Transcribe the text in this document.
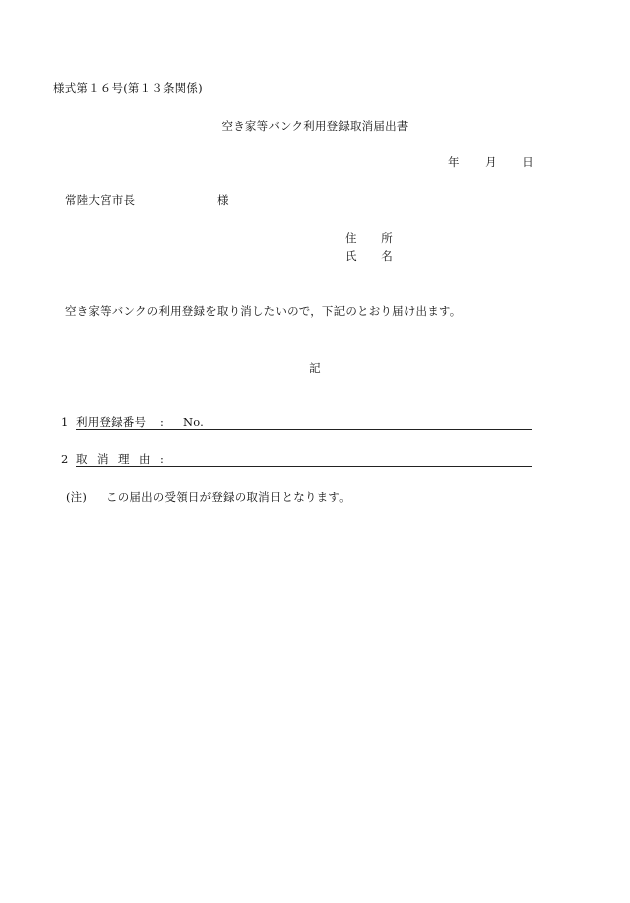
様式第１６号(第１３条関係)
空き家等バンク利用登録取消届出書
年 月 日
常陸大宮市長	様
住 所
氏 名
空き家等バンクの利用登録を取り消したいので，下記のとおり届け出ます。
記
1 利用登録番号 : No.
2 取消理由 :
(注) この届出の受領日が登録の取消日となります。
